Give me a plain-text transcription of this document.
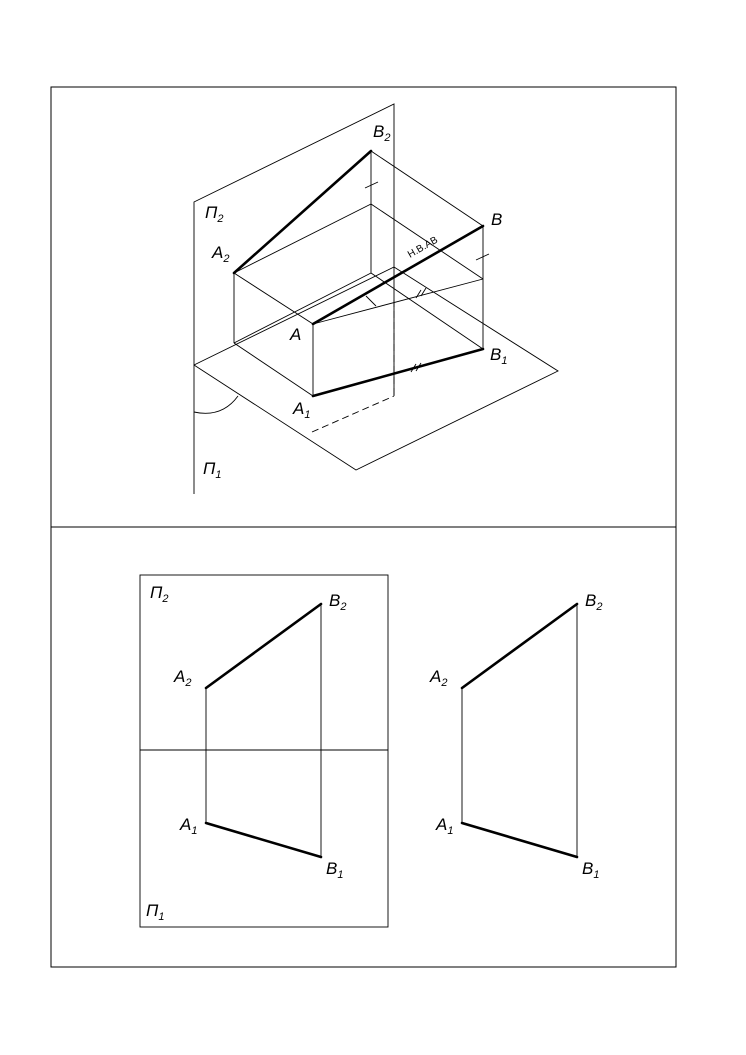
$\Pi_2$
$\Pi_1$
$B_2$
$A_2$
B
A
$B_1$
$A_1$
Н.В.АВ
$\Pi_2$
$\Pi_1$
$B_2$
$A_2$
$A_1$
$B_1$
$B_2$
$A_2$
$A_1$
$B_1$
